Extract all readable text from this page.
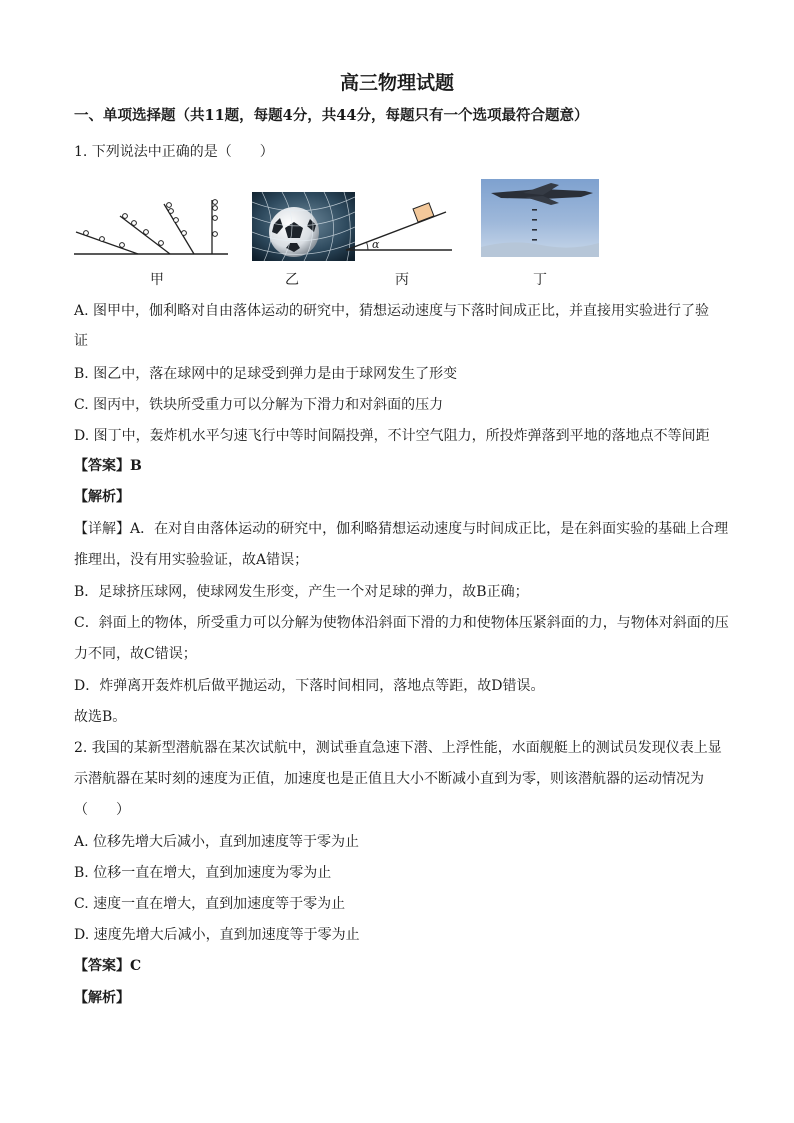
高三物理试题
一、单项选择题（共11题，每题4分，共44分，每题只有一个选项最符合题意）
1. 下列说法中正确的是（　　）
甲	乙
α
丙	丁
A. 图甲中，伽利略对自由落体运动的研究中，猜想运动速度与下落时间成正比，并直接用实验进行了验
证
B. 图乙中，落在球网中的足球受到弹力是由于球网发生了形变
C. 图丙中，铁块所受重力可以分解为下滑力和对斜面的压力
D. 图丁中，轰炸机水平匀速飞行中等时间隔投弹，不计空气阻力，所投炸弹落到平地的落地点不等间距
【答案】B
【解析】
【详解】A．在对自由落体运动的研究中，伽利略猜想运动速度与时间成正比，是在斜面实验的基础上合理
推理出，没有用实验验证，故A错误；
B．足球挤压球网，使球网发生形变，产生一个对足球的弹力，故B正确；
C．斜面上的物体，所受重力可以分解为使物体沿斜面下滑的力和使物体压紧斜面的力，与物体对斜面的压
力不同，故C错误；
D．炸弹离开轰炸机后做平抛运动，下落时间相同，落地点等距，故D错误。
故选B。
2. 我国的某新型潜航器在某次试航中，测试垂直急速下潜、上浮性能，水面舰艇上的测试员发现仪表上显
示潜航器在某时刻的速度为正值，加速度也是正值且大小不断减小直到为零，则该潜航器的运动情况为
（　　）
A. 位移先增大后减小，直到加速度等于零为止
B. 位移一直在增大，直到加速度为零为止
C. 速度一直在增大，直到加速度等于零为止
D. 速度先增大后减小，直到加速度等于零为止
【答案】C
【解析】
